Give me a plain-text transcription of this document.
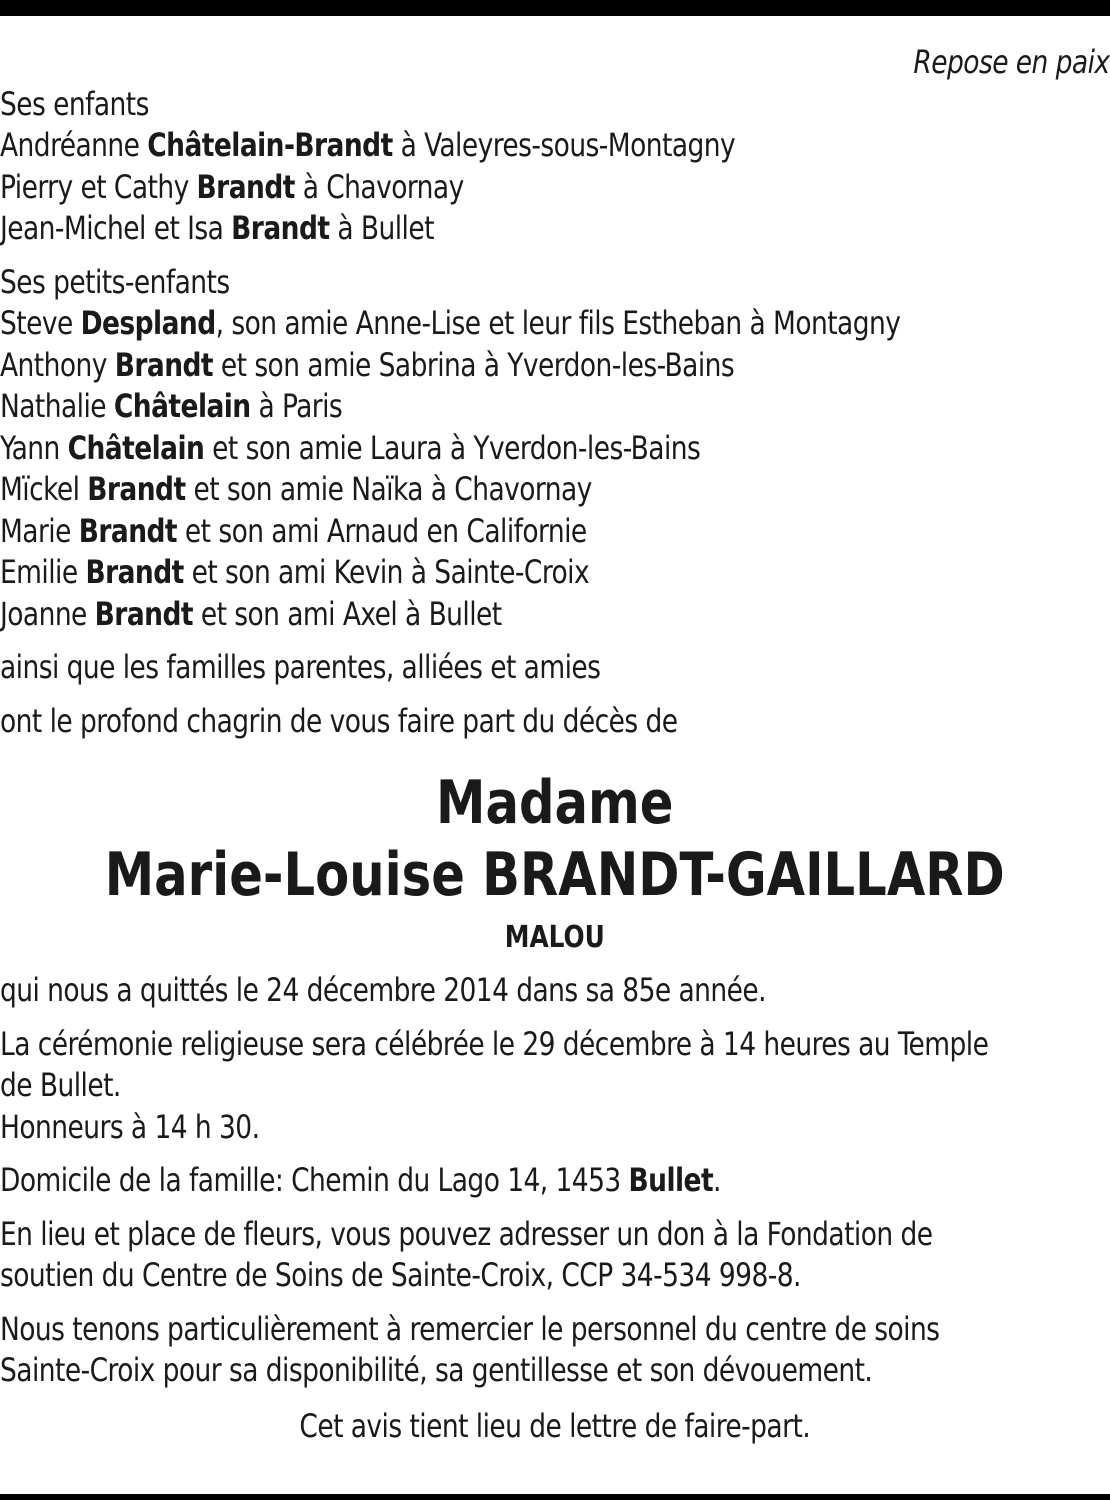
Repose en paix
Ses enfants
Andréanne Châtelain-Brandt à Valeyres-sous-Montagny
Pierry et Cathy Brandt à Chavornay
Jean-Michel et Isa Brandt à Bullet
Ses petits-enfants
Steve Despland, son amie Anne-Lise et leur fils Estheban à Montagny
Anthony Brandt et son amie Sabrina à Yverdon-les-Bains
Nathalie Châtelain à Paris
Yann Châtelain et son amie Laura à Yverdon-les-Bains
Mïckel Brandt et son amie Naïka à Chavornay
Marie Brandt et son ami Arnaud en Californie
Emilie Brandt et son ami Kevin à Sainte-Croix
Joanne Brandt et son ami Axel à Bullet
ainsi que les familles parentes, alliées et amies
ont le profond chagrin de vous faire part du décès de
Madame
Marie-Louise BRANDT-GAILLARD
MALOU
qui nous a quittés le 24 décembre 2014 dans sa 85e année.
La cérémonie religieuse sera célébrée le 29 décembre à 14 heures au Temple
de Bullet.
Honneurs à 14 h 30.
Domicile de la famille: Chemin du Lago 14, 1453 Bullet.
En lieu et place de fleurs, vous pouvez adresser un don à la Fondation de
soutien du Centre de Soins de Sainte-Croix, CCP 34-534 998-8.
Nous tenons particulièrement à remercier le personnel du centre de soins
Sainte-Croix pour sa disponibilité, sa gentillesse et son dévouement.
Cet avis tient lieu de lettre de faire-part.
